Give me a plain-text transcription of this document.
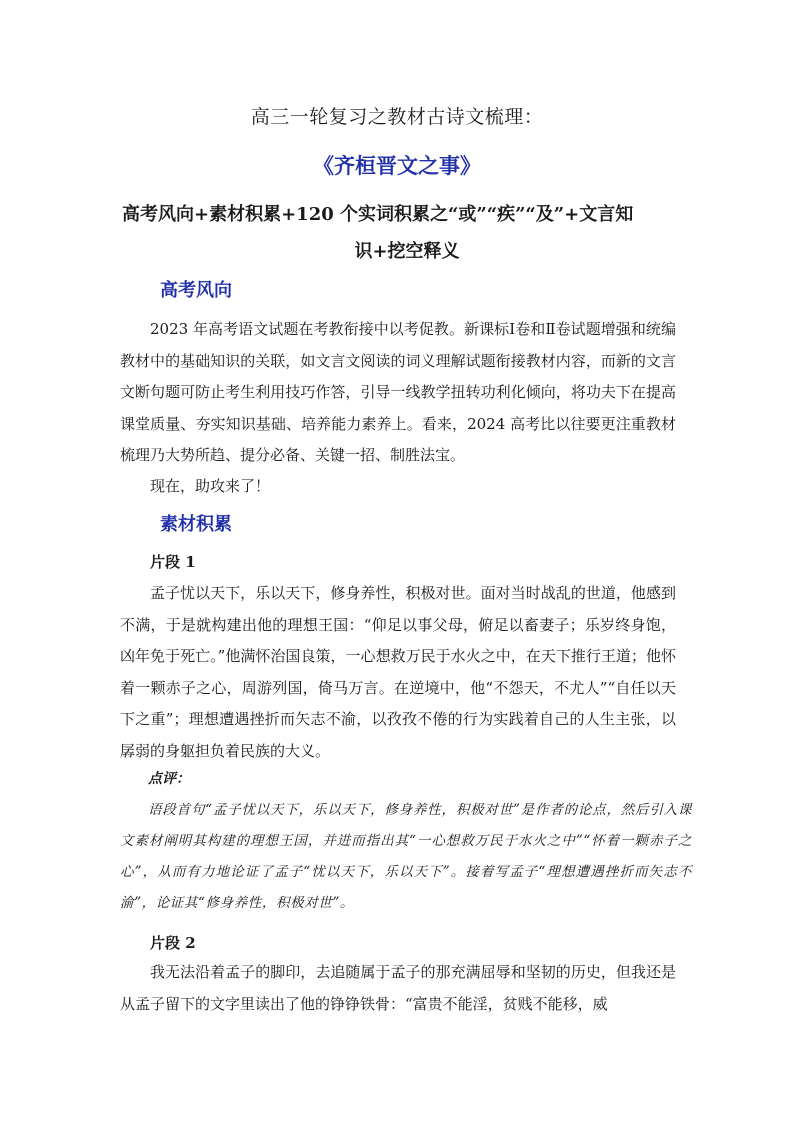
高三一轮复习之教材古诗文梳理：
《齐桓晋文之事》
高考风向+素材积累+120 个实词积累之“或”“疾”“及”+文言知
识+挖空释义
高考风向
2023 年高考语文试题在考教衔接中以考促教。新课标Ⅰ卷和Ⅱ卷试题增强和统编教材中的基础知识的关联，如文言文阅读的词义理解试题衔接教材内容，而新的文言文断句题可防止考生利用技巧作答，引导一线教学扭转功利化倾向，将功夫下在提高课堂质量、夯实知识基础、培养能力素养上。看来，2024 高考比以往要更注重教材梳理乃大势所趋、提分必备、关键一招、制胜法宝。
现在，助攻来了！
素材积累
片段 1
孟子忧以天下，乐以天下，修身养性，积极对世。面对当时战乱的世道，他感到不满，于是就构建出他的理想王国：“仰足以事父母，俯足以畜妻子；乐岁终身饱，凶年免于死亡。”他满怀治国良策，一心想救万民于水火之中，在天下推行王道；他怀着一颗赤子之心，周游列国，倚马万言。在逆境中，他“不怨天，不尤人”“自任以天下之重”；理想遭遇挫折而矢志不渝，以孜孜不倦的行为实践着自己的人生主张，以孱弱的身躯担负着民族的大义。
点评：
语段首句“孟子忧以天下，乐以天下，修身养性，积极对世”是作者的论点，然后引入课文素材阐明其构建的理想王国，并进而指出其“一心想救万民于水火之中”“怀着一颗赤子之心”，从而有力地论证了孟子“忧以天下，乐以天下”。接着写孟子“理想遭遇挫折而矢志不渝”，论证其“修身养性，积极对世”。
片段 2
我无法沿着孟子的脚印，去追随属于孟子的那充满屈辱和坚韧的历史，但我还是从孟子留下的文字里读出了他的铮铮铁骨：“富贵不能淫，贫贱不能移，威
